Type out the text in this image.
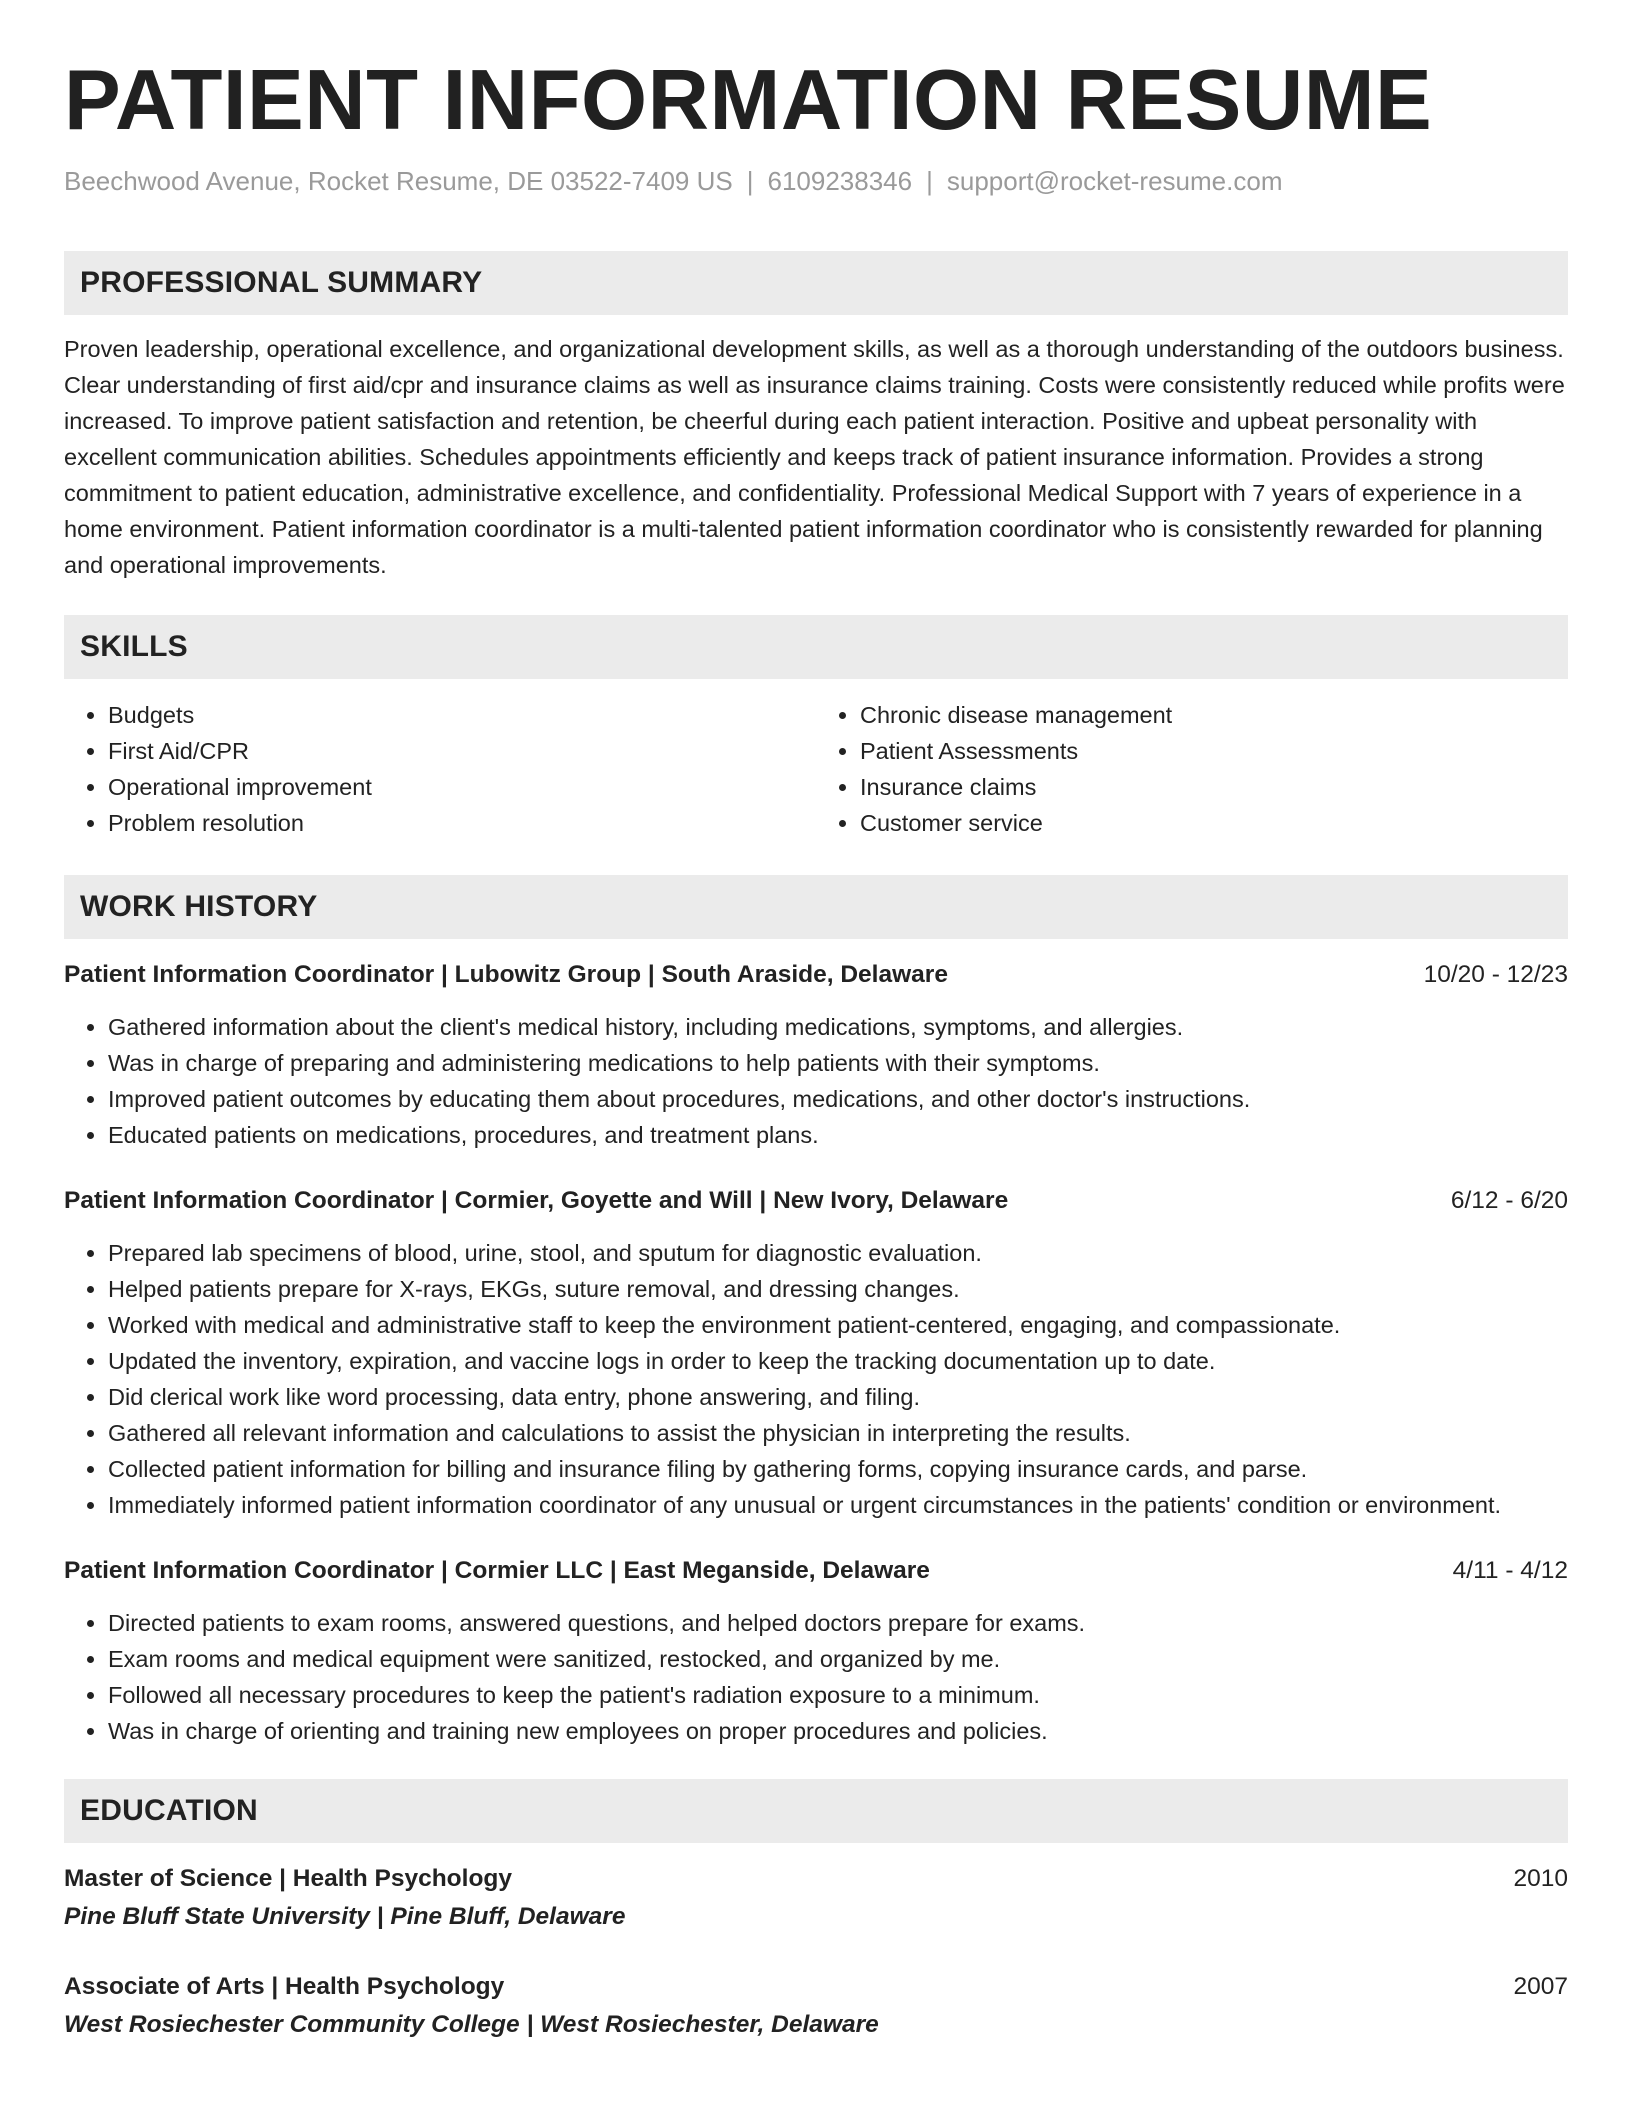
PATIENT INFORMATION RESUME
Beechwood Avenue, Rocket Resume, DE 03522-7409 US | 6109238346 | support@rocket-resume.com
PROFESSIONAL SUMMARY
Proven leadership, operational excellence, and organizational development skills, as well as a thorough understanding of the outdoors business. Clear understanding of first aid/cpr and insurance claims as well as insurance claims training. Costs were consistently reduced while profits were increased. To improve patient satisfaction and retention, be cheerful during each patient interaction. Positive and upbeat personality with excellent communication abilities. Schedules appointments efficiently and keeps track of patient insurance information. Provides a strong commitment to patient education, administrative excellence, and confidentiality. Professional Medical Support with 7 years of experience in a home environment. Patient information coordinator is a multi-talented patient information coordinator who is consistently rewarded for planning and operational improvements.
SKILLS
• Budgets
• First Aid/CPR
• Operational improvement
• Problem resolution
• Chronic disease management
• Patient Assessments
• Insurance claims
• Customer service
WORK HISTORY
Patient Information Coordinator | Lubowitz Group | South Araside, Delaware	10/20 - 12/23
• Gathered information about the client's medical history, including medications, symptoms, and allergies.
• Was in charge of preparing and administering medications to help patients with their symptoms.
• Improved patient outcomes by educating them about procedures, medications, and other doctor's instructions.
• Educated patients on medications, procedures, and treatment plans.
Patient Information Coordinator | Cormier, Goyette and Will | New Ivory, Delaware	6/12 - 6/20
• Prepared lab specimens of blood, urine, stool, and sputum for diagnostic evaluation.
• Helped patients prepare for X-rays, EKGs, suture removal, and dressing changes.
• Worked with medical and administrative staff to keep the environment patient-centered, engaging, and compassionate.
• Updated the inventory, expiration, and vaccine logs in order to keep the tracking documentation up to date.
• Did clerical work like word processing, data entry, phone answering, and filing.
• Gathered all relevant information and calculations to assist the physician in interpreting the results.
• Collected patient information for billing and insurance filing by gathering forms, copying insurance cards, and parse.
• Immediately informed patient information coordinator of any unusual or urgent circumstances in the patients' condition or environment.
Patient Information Coordinator | Cormier LLC | East Meganside, Delaware	4/11 - 4/12
• Directed patients to exam rooms, answered questions, and helped doctors prepare for exams.
• Exam rooms and medical equipment were sanitized, restocked, and organized by me.
• Followed all necessary procedures to keep the patient's radiation exposure to a minimum.
• Was in charge of orienting and training new employees on proper procedures and policies.
EDUCATION
Master of Science | Health Psychology	2010
Pine Bluff State University | Pine Bluff, Delaware
Associate of Arts | Health Psychology	2007
West Rosiechester Community College | West Rosiechester, Delaware
